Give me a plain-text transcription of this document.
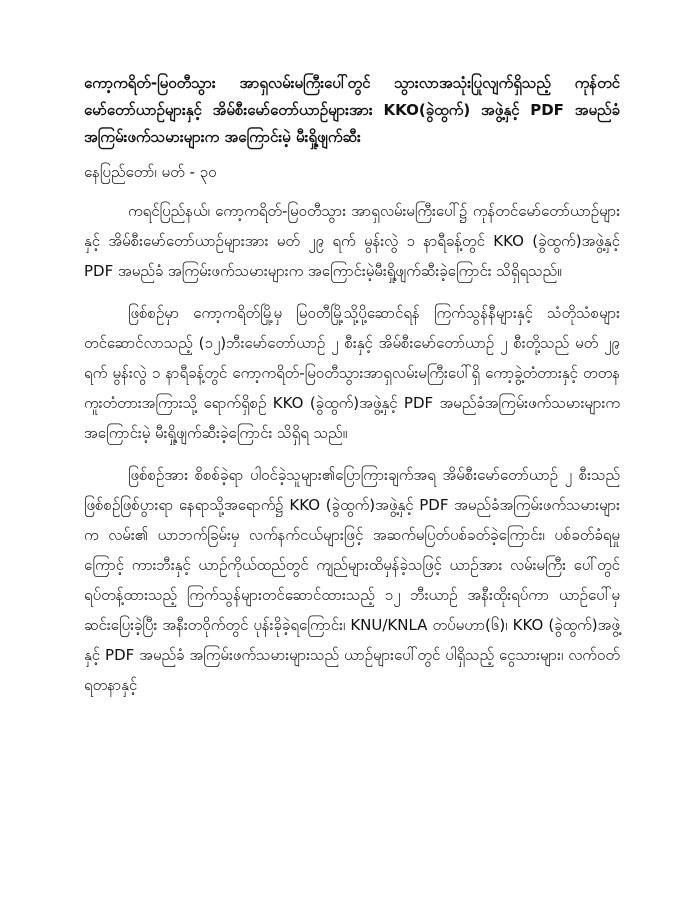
ကော့ကရိတ်-မြဝတီသွား အာရှလမ်းမကြီးပေါ်တွင် သွားလာအသုံးပြုလျက်ရှိသည့် ကုန်တင်မော်တော်ယာဉ်များနှင့် အိမ်စီးမော်တော်ယာဉ်များအား KKO(ခွဲထွက်) အဖွဲ့နှင့် PDF အမည်ခံအကြမ်းဖက်သမားများက အကြောင်းမဲ့ မီးရှို့ဖျက်ဆီး
နေပြည်တော်၊ မတ် - ၃၀
ကရင်ပြည်နယ်၊ ကော့ကရိတ်-မြဝတီသွား အာရှလမ်းမကြီးပေါ်၌ ကုန်တင်မော်တော်ယာဉ်များနှင့် အိမ်စီးမော်တော်ယာဉ်များအား မတ် ၂၉ ရက် မွန်းလွဲ ၁ နာရီခန့်တွင် KKO (ခွဲထွက်)အဖွဲ့နှင့် PDF အမည်ခံ အကြမ်းဖက်သမားများက အကြောင်းမဲ့မီးရှို့ဖျက်ဆီးခဲ့ကြောင်း သိရှိရသည်။
ဖြစ်စဉ်မှာ ကော့ကရိတ်မြို့မှ မြဝတီမြို့သို့ပို့ဆောင်ရန် ကြက်သွန်နီများနှင့် သံတိုသံစများတင်ဆောင်လာသည့် (၁၂)ဘီးမော်တော်ယာဉ် ၂ စီးနှင့် အိမ်စီးမော်တော်ယာဉ် ၂ စီးတို့သည် မတ် ၂၉ ရက် မွန်းလွဲ ၁ နာရီခန့်တွင် ကော့ကရိတ်-မြဝတီသွားအာရှလမ်းမကြီးပေါ်ရှိ ကော့ခွဲ့တံတားနှင့် တတနကူးတံတားအကြားသို့ ရောက်ရှိစဉ် KKO (ခွဲထွက်)အဖွဲ့နှင့် PDF အမည်ခံအကြမ်းဖက်သမားများက အကြောင်းမဲ့ မီးရှို့ဖျက်ဆီးခဲ့ကြောင်း သိရှိရ သည်။
ဖြစ်စဉ်အား စိစစ်ခဲ့ရာ ပါဝင်ခဲ့သူများ၏ပြောကြားချက်အရ အိမ်စီးမော်တော်ယာဉ် ၂ စီးသည် ဖြစ်စဉ်ဖြစ်ပွားရာ နေရာသို့အရောက်၌ KKO (ခွဲထွက်)အဖွဲ့နှင့် PDF အမည်ခံအကြမ်းဖက်သမားများက လမ်း၏ ယာဘက်ခြမ်းမှ လက်နက်ငယ်များဖြင့် အဆက်မပြတ်ပစ်ခတ်ခဲ့ကြောင်း၊ ပစ်ခတ်ခံရမှုကြောင့် ကားဘီးနှင့် ယာဉ်ကိုယ်ထည်တွင် ကျည်များထိမှန်ခဲ့သဖြင့် ယာဉ်အား လမ်းမကြီး ပေါ်တွင် ရပ်တန့်ထားသည့် ကြက်သွန်များတင်ဆောင်ထားသည့် ၁၂ ဘီးယာဉ် အနီးထိုးရပ်ကာ ယာဉ်ပေါ်မှ ဆင်းပြေးခဲ့ပြီး အနီးတဝိုက်တွင် ပုန်းခိုခဲ့ရကြောင်း၊ KNU/KNLA တပ်မဟာ(၆)၊ KKO (ခွဲထွက်)အဖွဲ့နှင့် PDF အမည်ခံ အကြမ်းဖက်သမားများသည် ယာဉ်များပေါ်တွင် ပါရှိသည့် ငွေသားများ၊ လက်ဝတ်ရတနာနှင့်
